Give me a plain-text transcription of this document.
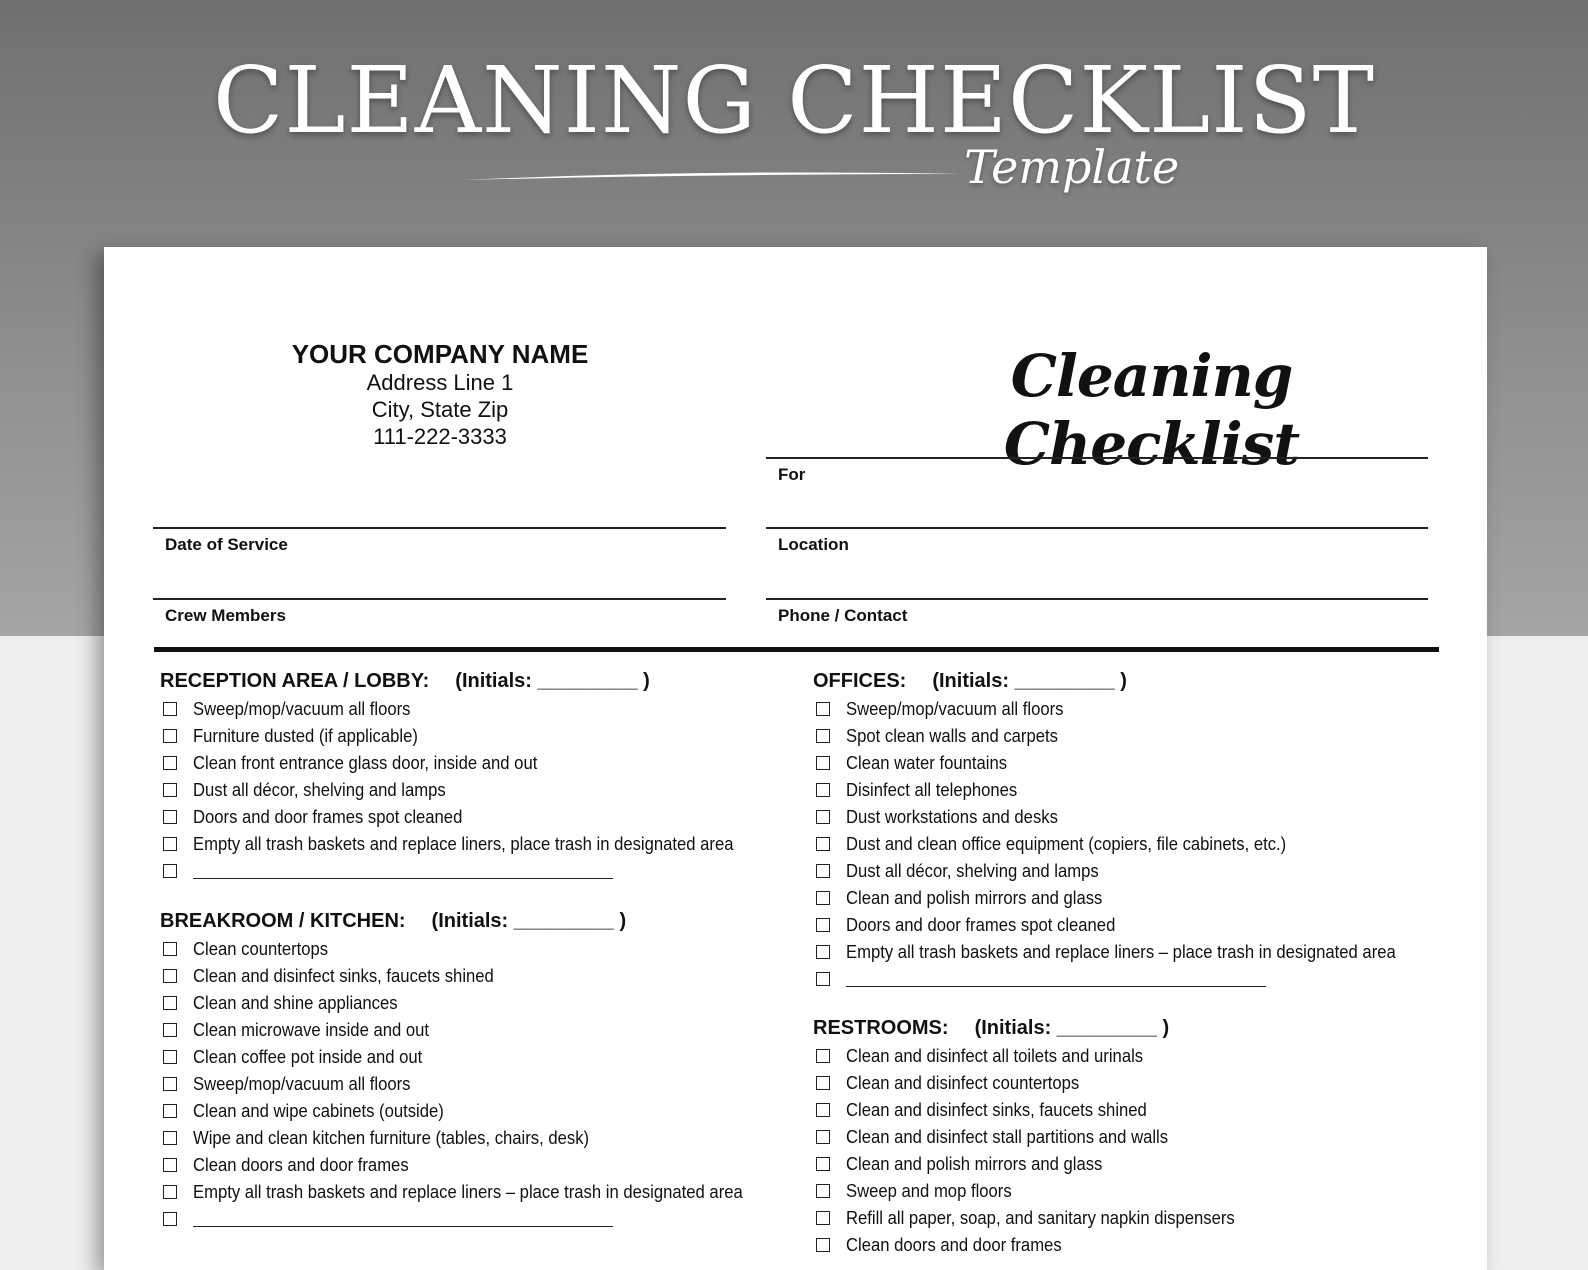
CLEANING CHECKLIST
Template
YOUR COMPANY NAME
Address Line 1
City, State Zip
111-222-3333
Cleaning Checklist
For
Date of Service	Location
Crew Members	Phone / Contact
RECEPTION AREA / LOBBY: (Initials: _________ )
Sweep/mop/vacuum all floors
Furniture dusted (if applicable)
Clean front entrance glass door, inside and out
Dust all décor, shelving and lamps
Doors and door frames spot cleaned
Empty all trash baskets and replace liners, place trash in designated area
BREAKROOM / KITCHEN: (Initials: _________ )
Clean countertops
Clean and disinfect sinks, faucets shined
Clean and shine appliances
Clean microwave inside and out
Clean coffee pot inside and out
Sweep/mop/vacuum all floors
Clean and wipe cabinets (outside)
Wipe and clean kitchen furniture (tables, chairs, desk)
Clean doors and door frames
Empty all trash baskets and replace liners – place trash in designated area
OFFICES: (Initials: _________ )
Sweep/mop/vacuum all floors
Spot clean walls and carpets
Clean water fountains
Disinfect all telephones
Dust workstations and desks
Dust and clean office equipment (copiers, file cabinets, etc.)
Dust all décor, shelving and lamps
Clean and polish mirrors and glass
Doors and door frames spot cleaned
Empty all trash baskets and replace liners – place trash in designated area
RESTROOMS: (Initials: _________ )
Clean and disinfect all toilets and urinals
Clean and disinfect countertops
Clean and disinfect sinks, faucets shined
Clean and disinfect stall partitions and walls
Clean and polish mirrors and glass
Sweep and mop floors
Refill all paper, soap, and sanitary napkin dispensers
Clean doors and door frames
